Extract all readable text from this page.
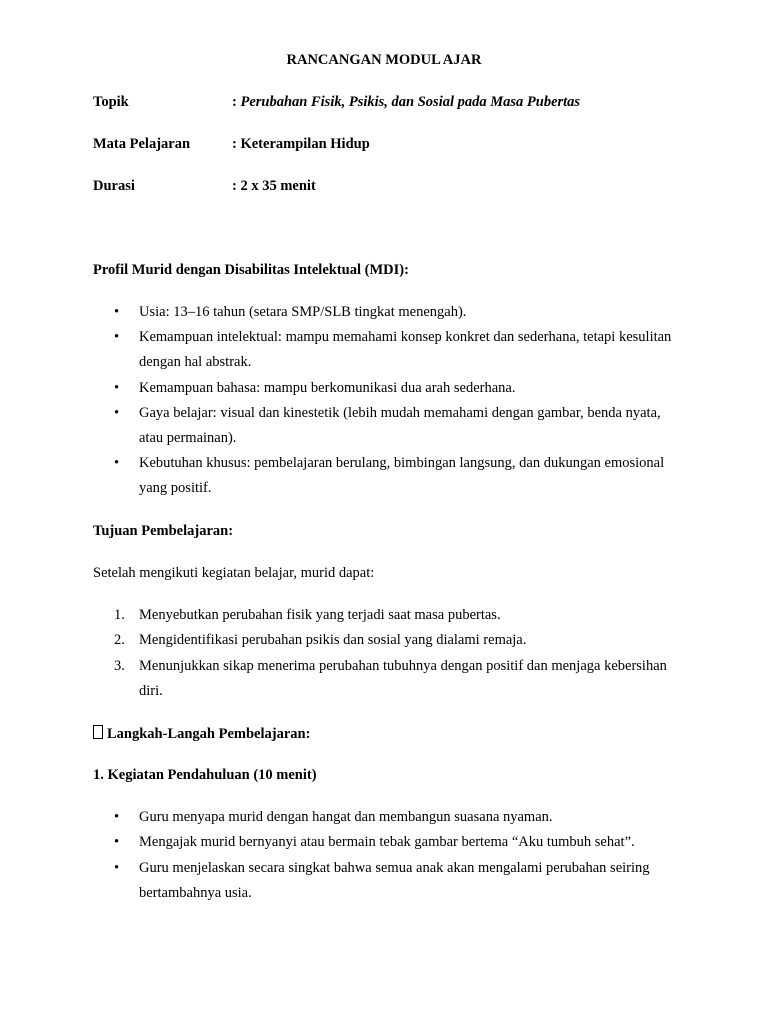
RANCANGAN MODUL AJAR
Topik	: Perubahan Fisik, Psikis, dan Sosial pada Masa Pubertas
Mata Pelajaran	: Keterampilan Hidup
Durasi	: 2 x 35 menit
Profil Murid dengan Disabilitas Intelektual (MDI):
• Usia: 13–16 tahun (setara SMP/SLB tingkat menengah).
• Kemampuan intelektual: mampu memahami konsep konkret dan sederhana, tetapi kesulitan dengan hal abstrak.
• Kemampuan bahasa: mampu berkomunikasi dua arah sederhana.
• Gaya belajar: visual dan kinestetik (lebih mudah memahami dengan gambar, benda nyata, atau permainan).
• Kebutuhan khusus: pembelajaran berulang, bimbingan langsung, dan dukungan emosional yang positif.
Tujuan Pembelajaran:
Setelah mengikuti kegiatan belajar, murid dapat:
1. Menyebutkan perubahan fisik yang terjadi saat masa pubertas.
2. Mengidentifikasi perubahan psikis dan sosial yang dialami remaja.
3. Menunjukkan sikap menerima perubahan tubuhnya dengan positif dan menjaga kebersihan diri.
Langkah-Langah Pembelajaran:
1. Kegiatan Pendahuluan (10 menit)
• Guru menyapa murid dengan hangat dan membangun suasana nyaman.
• Mengajak murid bernyanyi atau bermain tebak gambar bertema “Aku tumbuh sehat”.
• Guru menjelaskan secara singkat bahwa semua anak akan mengalami perubahan seiring bertambahnya usia.
